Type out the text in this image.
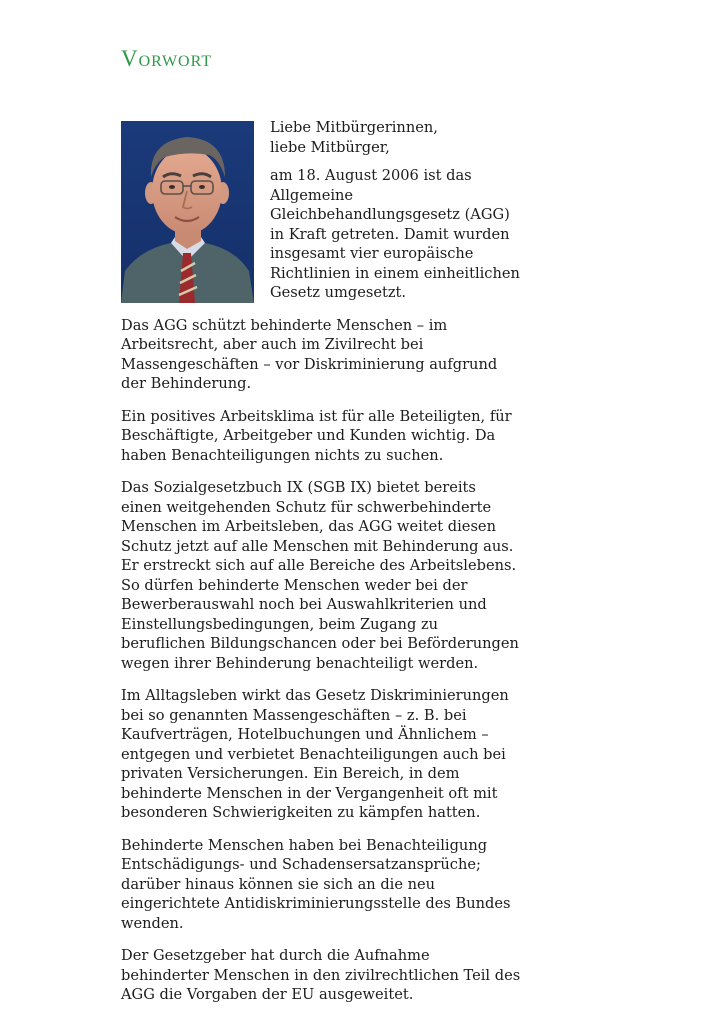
Vorwort
Liebe Mitbürgerinnen,
liebe Mitbürger,

am 18. August 2006 ist das Allgemeine Gleichbehandlungsgesetz (AGG) in Kraft getreten. Damit wurden insgesamt vier europäische Richtlinien in einem einheitlichen Gesetz umgesetzt.

Das AGG schützt behinderte Menschen – im Arbeitsrecht, aber auch im Zivilrecht bei Massengeschäften – vor Diskriminierung aufgrund der Behinderung.

Ein positives Arbeitsklima ist für alle Beteiligten, für Beschäftigte, Arbeitgeber und Kunden wichtig. Da haben Benachteiligungen nichts zu suchen.

Das Sozialgesetzbuch IX (SGB IX) bietet bereits einen weitgehenden Schutz für schwerbehinderte Menschen im Arbeitsleben, das AGG weitet diesen Schutz jetzt auf alle Menschen mit Behinderung aus. Er erstreckt sich auf alle Bereiche des Arbeitslebens. So dürfen behinderte Menschen weder bei der Bewerberauswahl noch bei Auswahlkriterien und Einstellungsbedingungen, beim Zugang zu beruflichen Bildungschancen oder bei Beförderungen wegen ihrer Behinderung benachteiligt werden.

Im Alltagsleben wirkt das Gesetz Diskriminierungen bei so genannten Massengeschäften – z. B. bei Kaufverträgen, Hotelbuchungen und Ähnlichem – entgegen und verbietet Benachteiligungen auch bei privaten Versicherungen. Ein Bereich, in dem behinderte Menschen in der Vergangenheit oft mit besonderen Schwierigkeiten zu kämpfen hatten.

Behinderte Menschen haben bei Benachteiligung Entschädigungs- und Schadensersatzansprüche; darüber hinaus können sie sich an die neu eingerichtete Antidiskriminierungsstelle des Bundes wenden.

Der Gesetzgeber hat durch die Aufnahme behinderter Menschen in den zivilrechtlichen Teil des AGG die Vorgaben der EU ausgeweitet.
